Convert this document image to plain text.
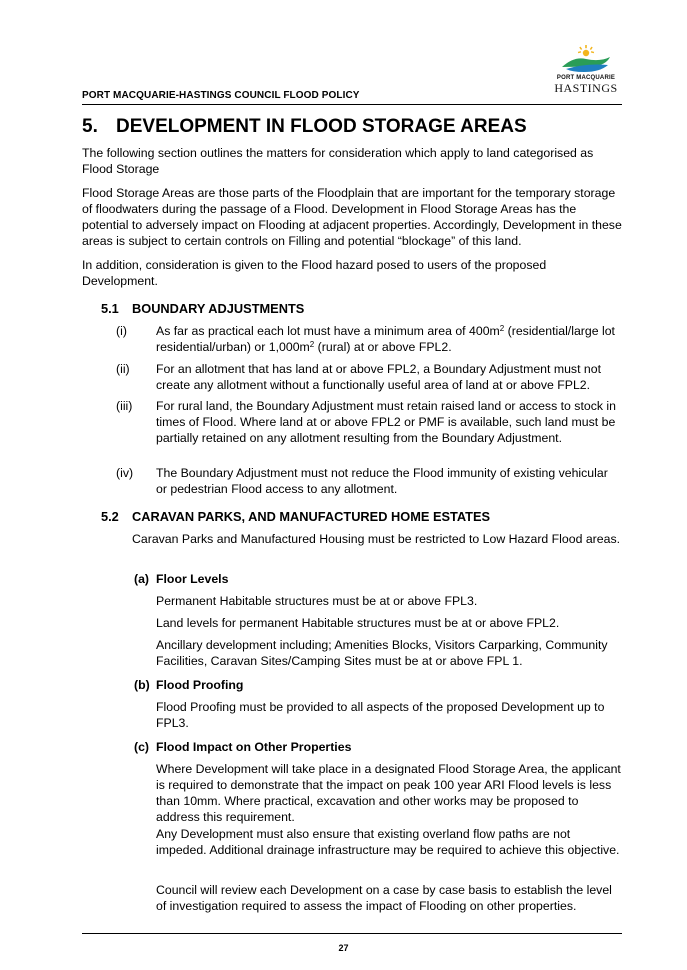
PORT MACQUARIE
HASTINGS
PORT MACQUARIE-HASTINGS COUNCIL FLOOD POLICY
5. DEVELOPMENT IN FLOOD STORAGE AREAS
The following section outlines the matters for consideration which apply to land categorised as Flood Storage
Flood Storage Areas are those parts of the Floodplain that are important for the temporary storage of floodwaters during the passage of a Flood. Development in Flood Storage Areas has the potential to adversely impact on Flooding at adjacent properties. Accordingly, Development in these areas is subject to certain controls on Filling and potential “blockage” of this land.
In addition, consideration is given to the Flood hazard posed to users of the proposed Development.
5.1 BOUNDARY ADJUSTMENTS
(i)	As far as practical each lot must have a minimum area of $400m^2$ (residential/large lot residential/urban) or $1,000m^2$ (rural) at or above FPL2.
(ii)	For an allotment that has land at or above FPL2, a Boundary Adjustment must not create any allotment without a functionally useful area of land at or above FPL2.
(iii)	For rural land, the Boundary Adjustment must retain raised land or access to stock in times of Flood. Where land at or above FPL2 or PMF is available, such land must be partially retained on any allotment resulting from the Boundary Adjustment.
(iv)	The Boundary Adjustment must not reduce the Flood immunity of existing vehicular or pedestrian Flood access to any allotment.
5.2 CARAVAN PARKS, AND MANUFACTURED HOME ESTATES
Caravan Parks and Manufactured Housing must be restricted to Low Hazard Flood areas.
(a) Floor Levels
Permanent Habitable structures must be at or above FPL3.
Land levels for permanent Habitable structures must be at or above FPL2.
Ancillary development including; Amenities Blocks, Visitors Carparking, Community Facilities, Caravan Sites/Camping Sites must be at or above FPL 1.
(b) Flood Proofing
Flood Proofing must be provided to all aspects of the proposed Development up to FPL3.
(c) Flood Impact on Other Properties
Where Development will take place in a designated Flood Storage Area, the applicant is required to demonstrate that the impact on peak 100 year ARI Flood levels is less than 10mm. Where practical, excavation and other works may be proposed to address this requirement.
Any Development must also ensure that existing overland flow paths are not impeded. Additional drainage infrastructure may be required to achieve this objective.
Council will review each Development on a case by case basis to establish the level of investigation required to assess the impact of Flooding on other properties.
27
